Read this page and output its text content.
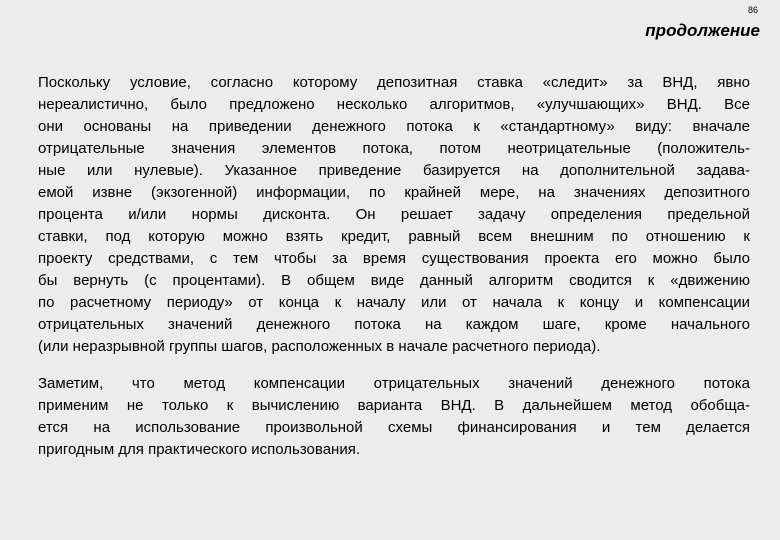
86
продолжение
Поскольку условие, согласно которому депозитная ставка «следит» за ВНД, явно
нереалистично, было предложено несколько алгоритмов, «улучшающих» ВНД. Все
они основаны на приведении денежного потока к «стандартному» виду: вначале
отрицательные значения элементов потока, потом неотрицательные (положитель-
ные или нулевые). Указанное приведение базируется на дополнительной задава-
емой извне (экзогенной) информации, по крайней мере, на значениях депозитного
процента и/или нормы дисконта. Он решает задачу определения предельной
ставки, под которую можно взять кредит, равный всем внешним по отношению к
проекту средствами, с тем чтобы за время существования проекта его можно было
бы вернуть (с процентами). В общем виде данный алгоритм сводится к «движению
по расчетному периоду» от конца к началу или от начала к концу и компенсации
отрицательных значений денежного потока на каждом шаге, кроме начального
(или неразрывной группы шагов, расположенных в начале расчетного периода).
Заметим, что метод компенсации отрицательных значений денежного потока
применим не только к вычислению варианта ВНД. В дальнейшем метод обобща-
ется на использование произвольной схемы финансирования и тем делается
пригодным для практического использования.
